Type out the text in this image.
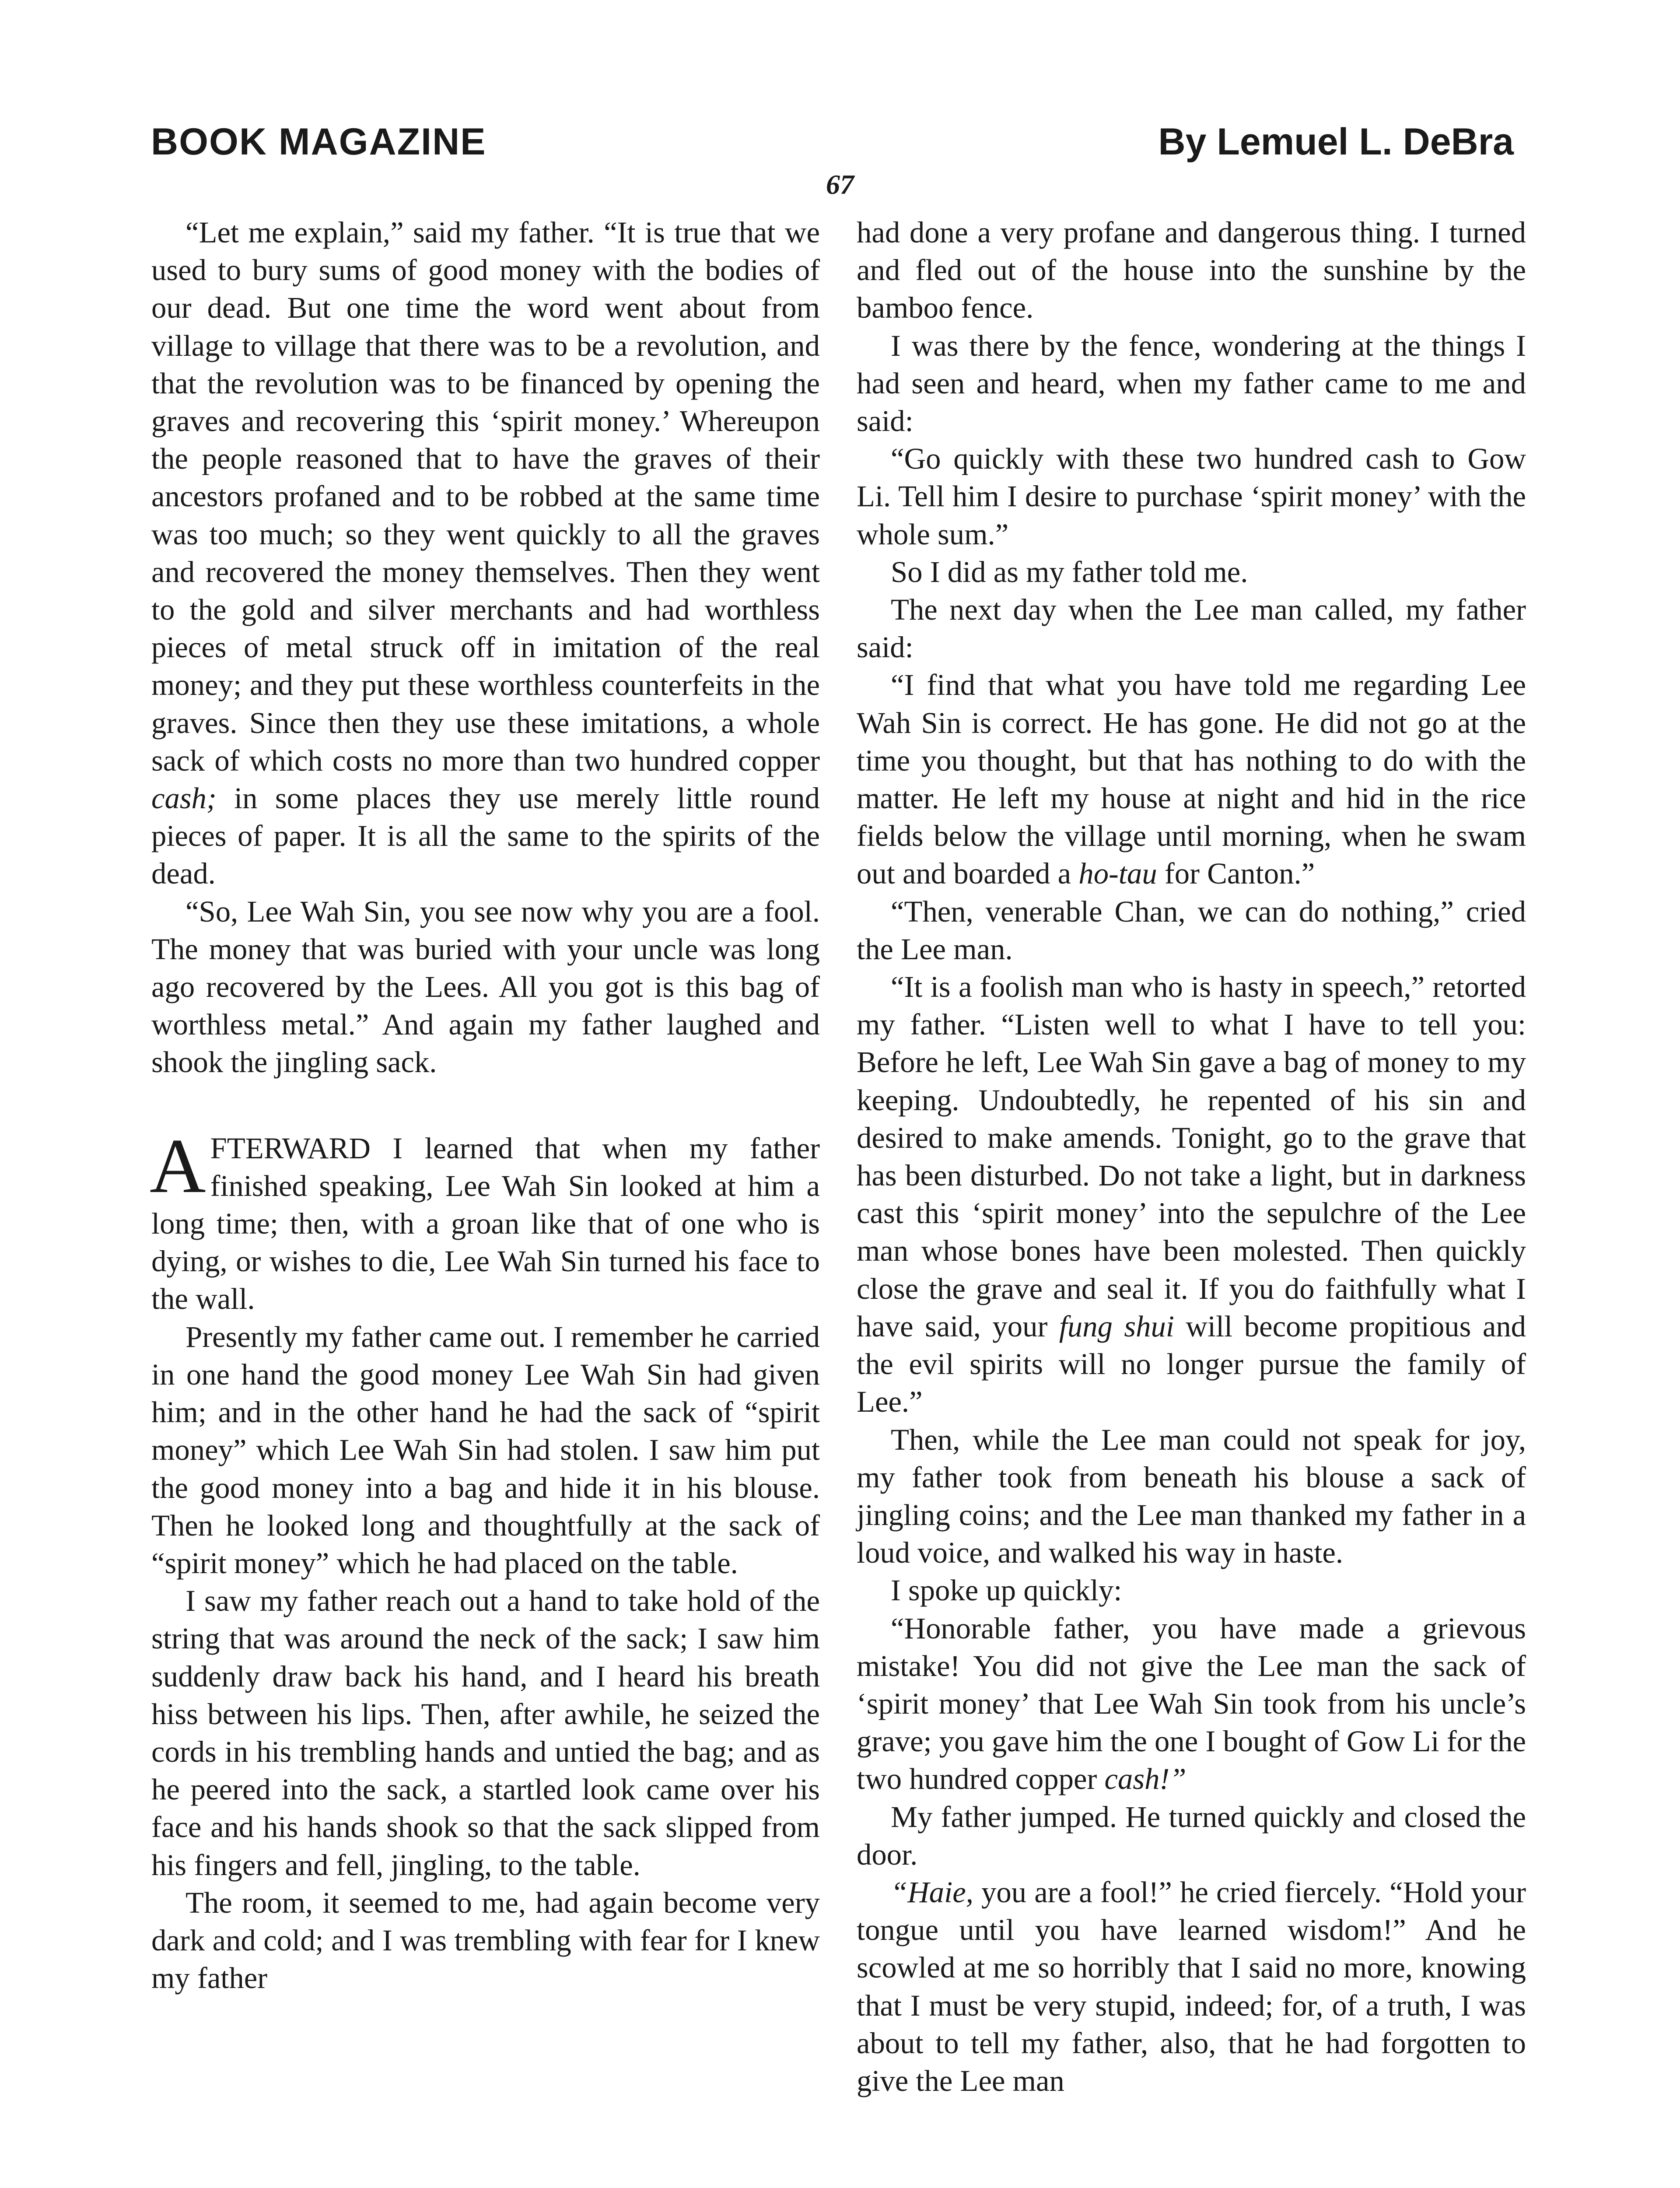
BOOK MAGAZINE	By Lemuel L. DeBra
67

“Let me explain,” said my father. “It is true that we used to bury sums of good money with the bodies of our dead. But one time the word went about from village to village that there was to be a revolution, and that the revolution was to be financed by opening the graves and recovering this ‘spirit money.’ Whereupon the people reasoned that to have the graves of their ancestors profaned and to be robbed at the same time was too much; so they went quickly to all the graves and recovered the money themselves. Then they went to the gold and silver merchants and had worthless pieces of metal struck off in imitation of the real money; and they put these worthless counterfeits in the graves. Since then they use these imitations, a whole sack of which costs no more than two hundred copper cash; in some places they use merely little round pieces of paper. It is all the same to the spirits of the dead.

“So, Lee Wah Sin, you see now why you are a fool. The money that was buried with your uncle was long ago recovered by the Lees. All you got is this bag of worthless metal.” And again my father laughed and shook the jingling sack.

AFTERWARD I learned that when my father finished speaking, Lee Wah Sin looked at him a long time; then, with a groan like that of one who is dying, or wishes to die, Lee Wah Sin turned his face to the wall.

Presently my father came out. I remember he carried in one hand the good money Lee Wah Sin had given him; and in the other hand he had the sack of “spirit money” which Lee Wah Sin had stolen. I saw him put the good money into a bag and hide it in his blouse. Then he looked long and thoughtfully at the sack of “spirit money” which he had placed on the table.

I saw my father reach out a hand to take hold of the string that was around the neck of the sack; I saw him suddenly draw back his hand, and I heard his breath hiss between his lips. Then, after awhile, he seized the cords in his trembling hands and untied the bag; and as he peered into the sack, a startled look came over his face and his hands shook so that the sack slipped from his fingers and fell, jingling, to the table.

The room, it seemed to me, had again become very dark and cold; and I was trembling with fear for I knew my father

had done a very profane and dangerous thing. I turned and fled out of the house into the sunshine by the bamboo fence.

I was there by the fence, wondering at the things I had seen and heard, when my father came to me and said:

“Go quickly with these two hundred cash to Gow Li. Tell him I desire to purchase ‘spirit money’ with the whole sum.”

So I did as my father told me.

The next day when the Lee man called, my father said:

“I find that what you have told me regarding Lee Wah Sin is correct. He has gone. He did not go at the time you thought, but that has nothing to do with the matter. He left my house at night and hid in the rice fields below the village until morning, when he swam out and boarded a ho-tau for Canton.”

“Then, venerable Chan, we can do nothing,” cried the Lee man.

“It is a foolish man who is hasty in speech,” retorted my father. “Listen well to what I have to tell you: Before he left, Lee Wah Sin gave a bag of money to my keeping. Undoubtedly, he repented of his sin and desired to make amends. Tonight, go to the grave that has been disturbed. Do not take a light, but in darkness cast this ‘spirit money’ into the sepulchre of the Lee man whose bones have been molested. Then quickly close the grave and seal it. If you do faithfully what I have said, your fung shui will become propitious and the evil spirits will no longer pursue the family of Lee.”

Then, while the Lee man could not speak for joy, my father took from beneath his blouse a sack of jingling coins; and the Lee man thanked my father in a loud voice, and walked his way in haste.

I spoke up quickly:

“Honorable father, you have made a grievous mistake! You did not give the Lee man the sack of ‘spirit money’ that Lee Wah Sin took from his uncle’s grave; you gave him the one I bought of Gow Li for the two hundred copper cash!”

My father jumped. He turned quickly and closed the door.

“Haie, you are a fool!” he cried fiercely. “Hold your tongue until you have learned wisdom!” And he scowled at me so horribly that I said no more, knowing that I must be very stupid, indeed; for, of a truth, I was about to tell my father, also, that he had forgotten to give the Lee man
